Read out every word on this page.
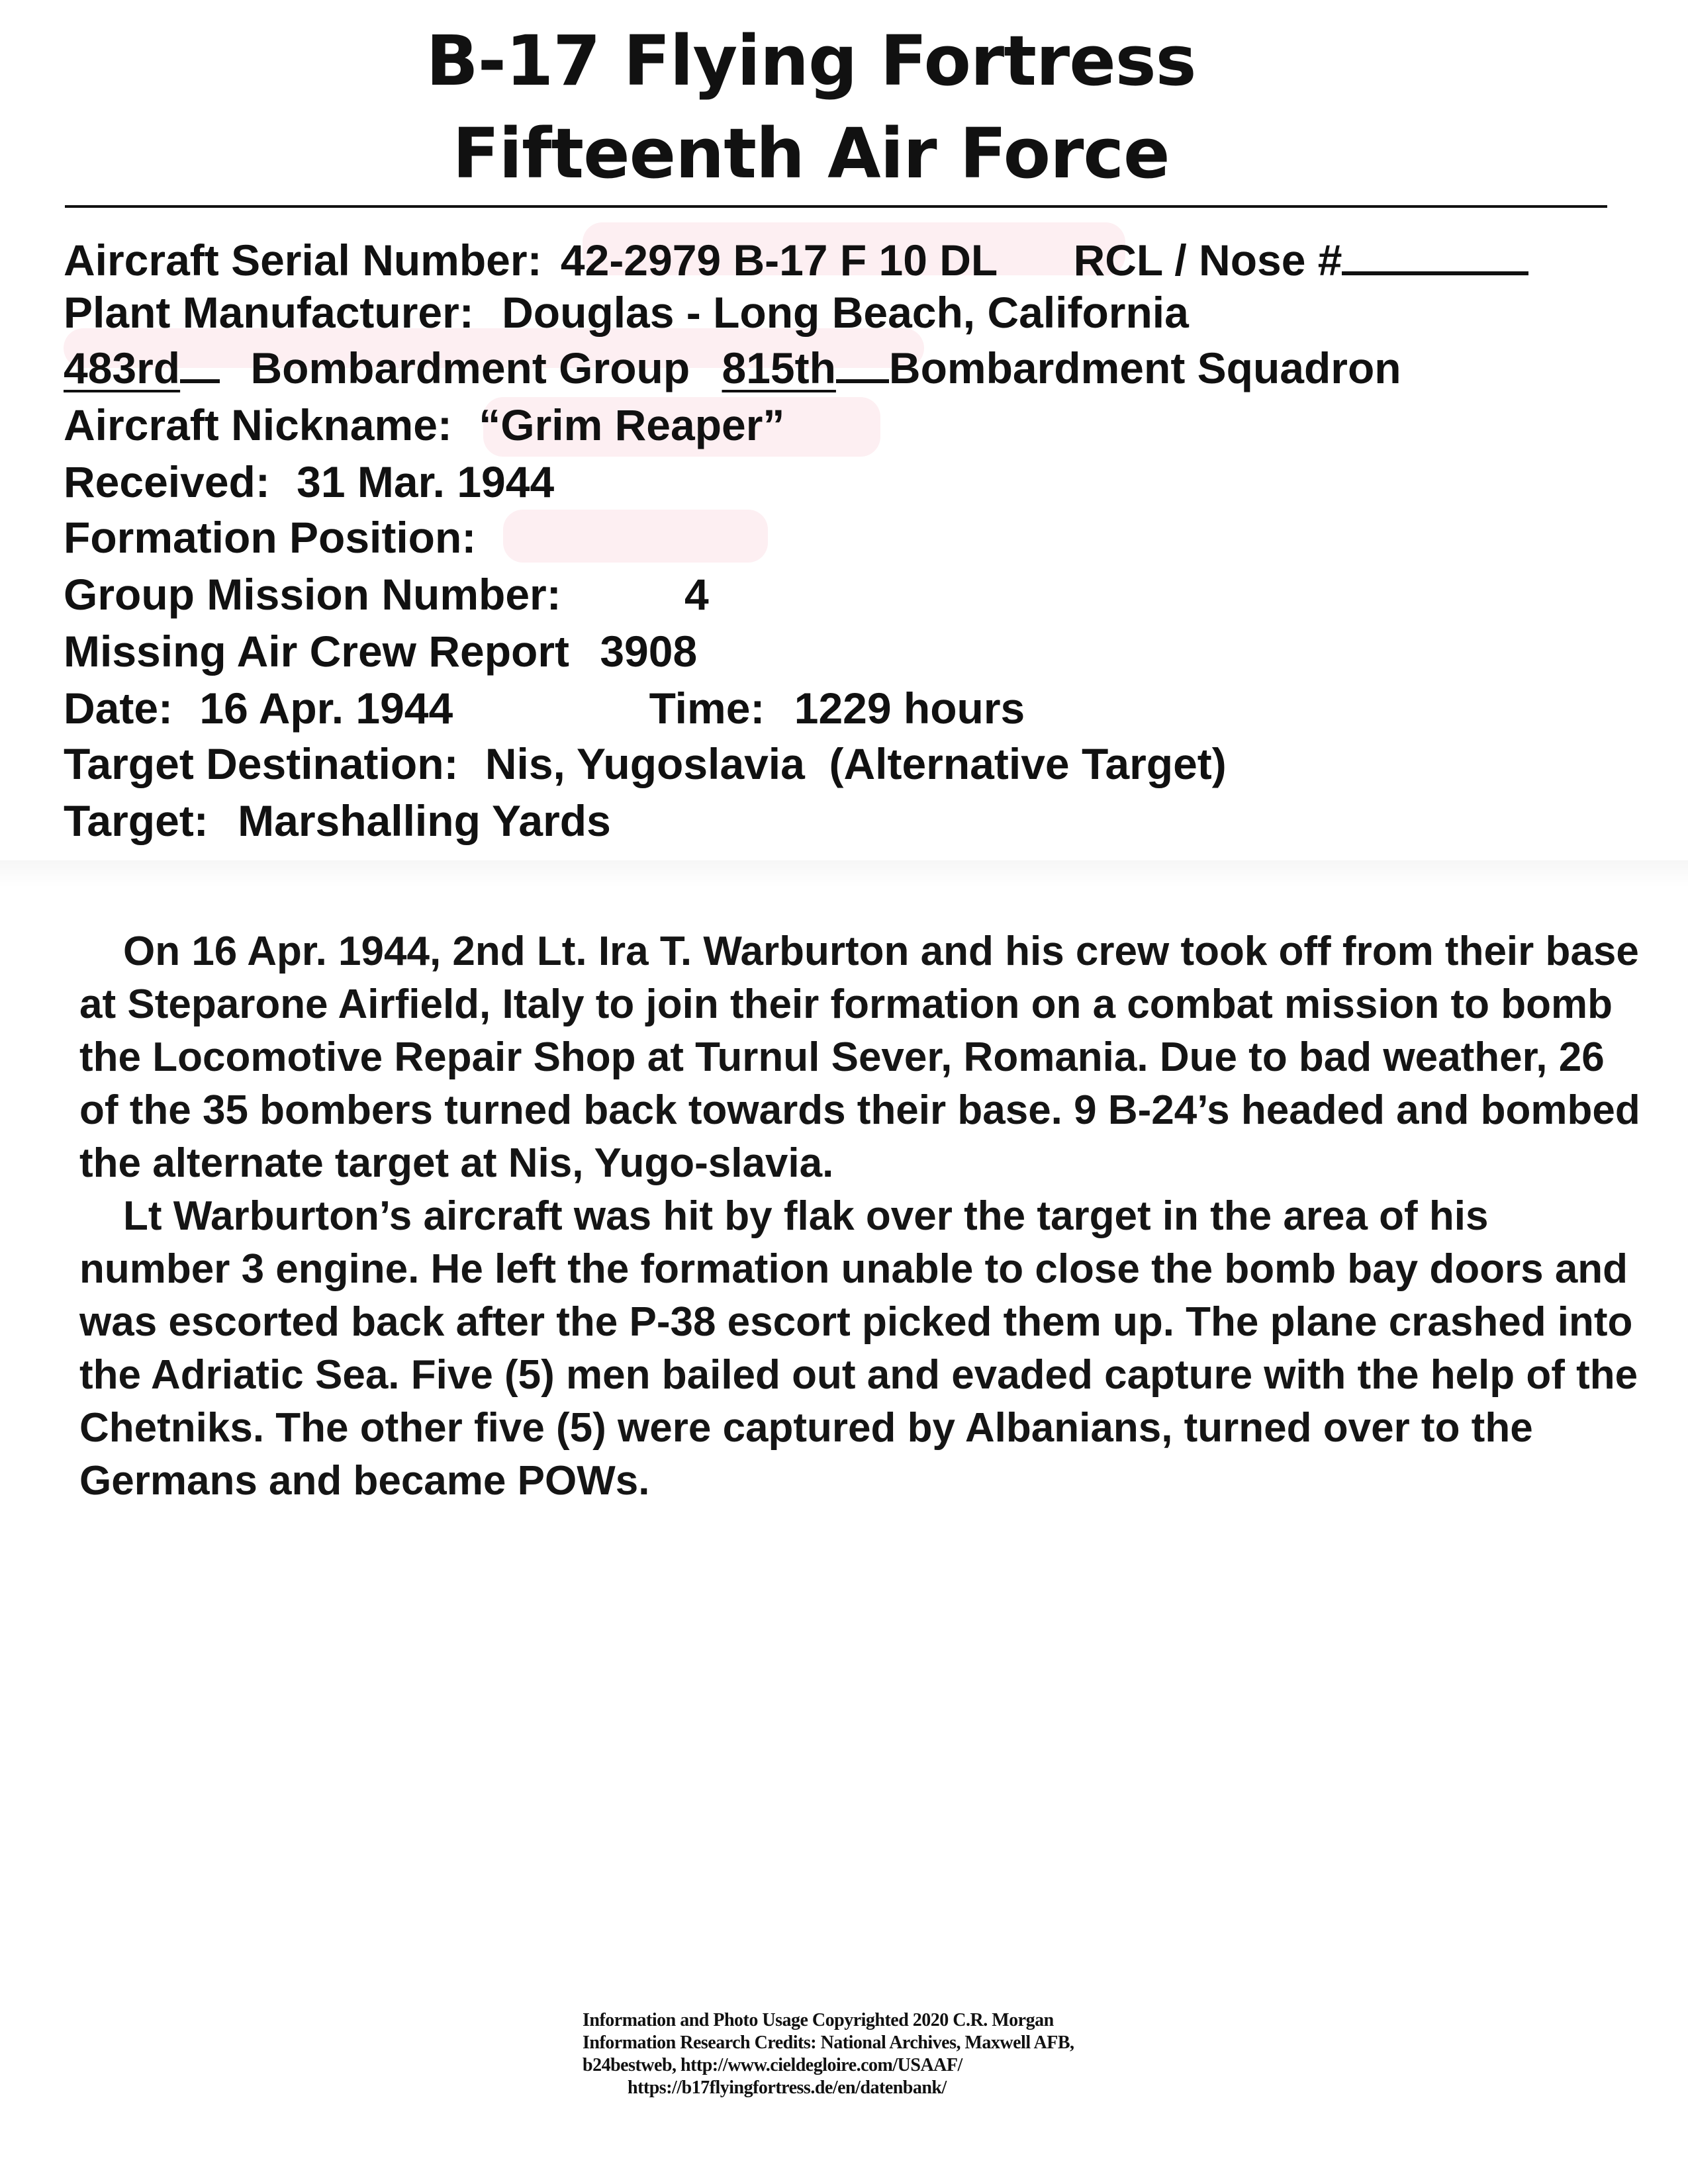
B-17 Flying Fortress
Fifteenth Air Force
Aircraft Serial Number: 42-2979 B-17 F 10 DL RCL / Nose #
Plant Manufacturer: Douglas - Long Beach, California
483rd Bombardment Group 815th Bombardment Squadron
Aircraft Nickname: “Grim Reaper”
Received: 31 Mar. 1944
Formation Position:
Group Mission Number:	4
Missing Air Crew Report 3908
Date: 16 Apr. 1944	Time: 1229 hours
Target Destination: Nis, Yugoslavia  (Alternative Target)
Target: Marshalling Yards

On 16 Apr. 1944, 2nd Lt. Ira T. Warburton and his crew took off from their base at Steparone Airfield, Italy to join their formation on a combat mission to bomb the Locomotive Repair Shop at Turnul Sever, Romania. Due to bad weather, 26 of the 35 bombers turned back towards their base. 9 B-24’s headed and bombed the alternate target at Nis, Yugo-slavia.

Lt Warburton’s aircraft was hit by flak over the target in the area of his number 3 engine. He left the formation unable to close the bomb bay doors and was escorted back after the P-38 escort picked them up. The plane crashed into the Adriatic Sea. Five (5) men bailed out and evaded capture with the help of the Chetniks. The other five (5) were captured by Albanians, turned over to the Germans and became POWs.

Information and Photo Usage Copyrighted 2020 C.R. Morgan
Information Research Credits: National Archives, Maxwell AFB,
b24bestweb, http://www.cieldegloire.com/USAAF/
https://b17flyingfortress.de/en/datenbank/
